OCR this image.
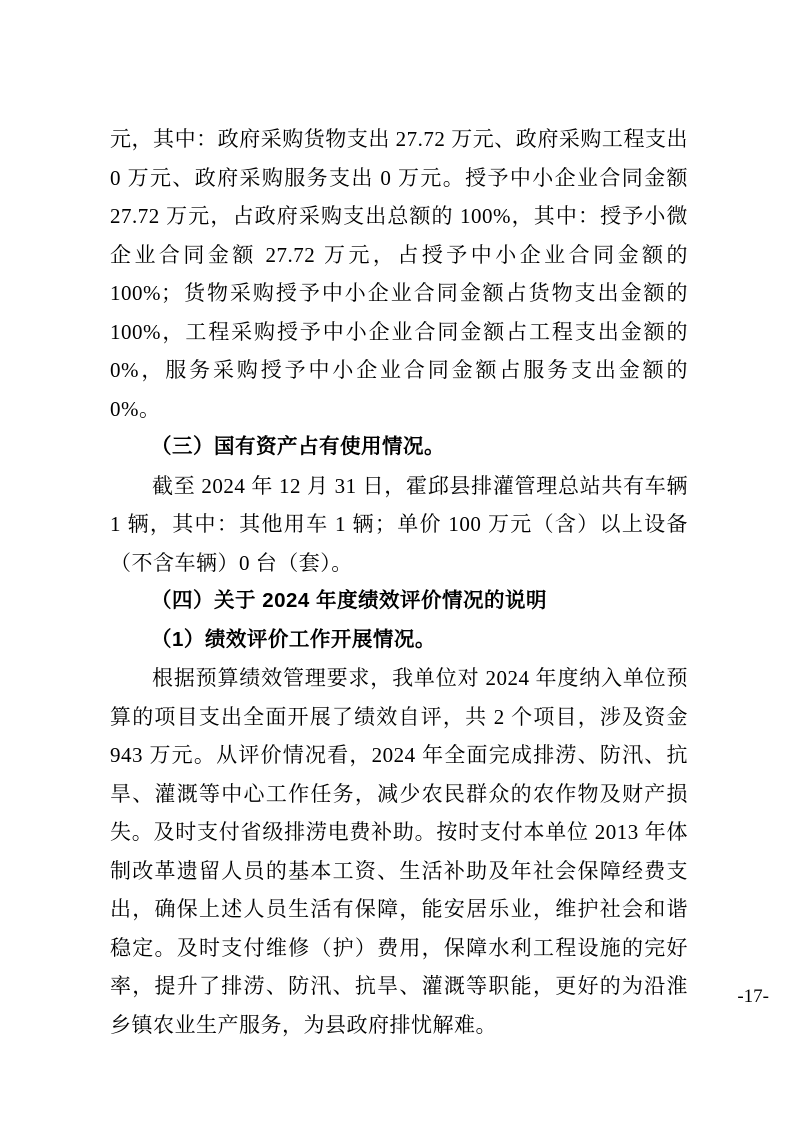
元，其中：政府采购货物支出 27.72 万元、政府采购工程支出 0 万元、政府采购服务支出 0 万元。授予中小企业合同金额 27.72 万元，占政府采购支出总额的 100%，其中：授予小微企业合同金额 27.72 万元，占授予中小企业合同金额的 100%；货物采购授予中小企业合同金额占货物支出金额的 100%，工程采购授予中小企业合同金额占工程支出金额的 0%，服务采购授予中小企业合同金额占服务支出金额的 0%。

（三）国有资产占有使用情况。

截至 2024 年 12 月 31 日，霍邱县排灌管理总站共有车辆 1 辆，其中：其他用车 1 辆；单价 100 万元（含）以上设备（不含车辆）0 台（套）。

（四）关于 2024 年度绩效评价情况的说明
（1）绩效评价工作开展情况。

根据预算绩效管理要求，我单位对 2024 年度纳入单位预算的项目支出全面开展了绩效自评，共 2 个项目，涉及资金 943 万元。从评价情况看，2024 年全面完成排涝、防汛、抗旱、灌溉等中心工作任务，减少农民群众的农作物及财产损失。及时支付省级排涝电费补助。按时支付本单位 2013 年体制改革遗留人员的基本工资、生活补助及年社会保障经费支出，确保上述人员生活有保障，能安居乐业，维护社会和谐稳定。及时支付维修（护）费用，保障水利工程设施的完好率，提升了排涝、防汛、抗旱、灌溉等职能，更好的为沿淮乡镇农业生产服务，为县政府排忧解难。

-17-
